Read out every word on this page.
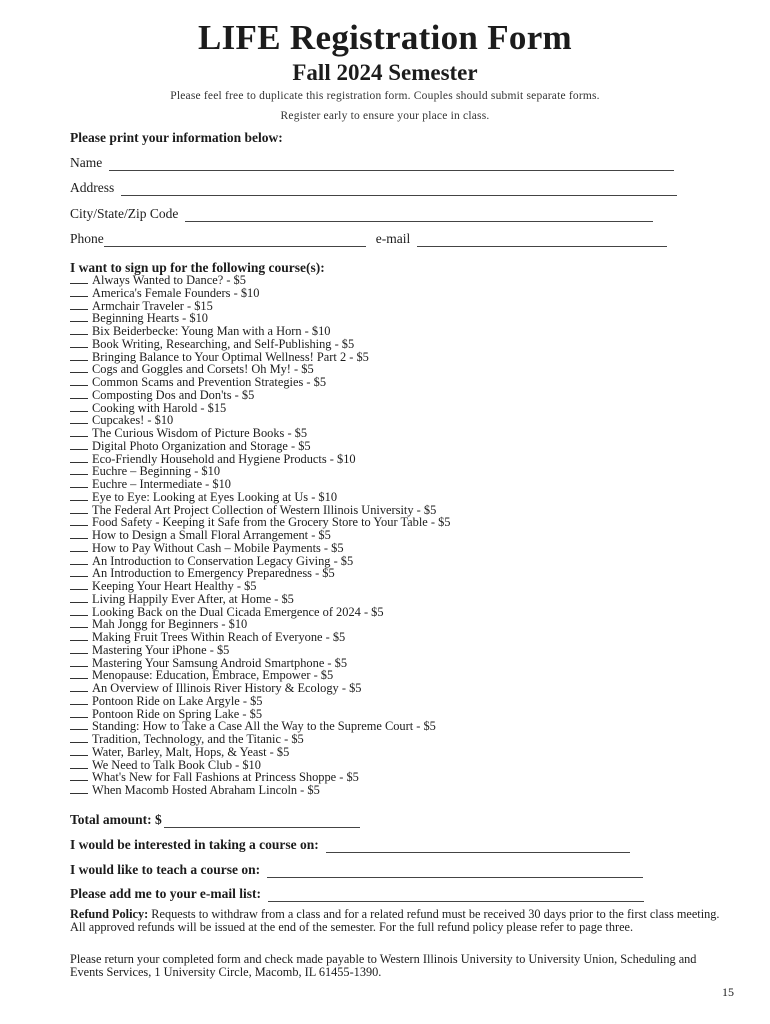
LIFE Registration Form
Fall 2024 Semester
Please feel free to duplicate this registration form. Couples should submit separate forms.
Register early to ensure your place in class.
Please print your information below:
Name
Address
City/State/Zip Code
Phone	e-mail
I want to sign up for the following course(s):
Always Wanted to Dance? - $5
America's Female Founders - $10
Armchair Traveler - $15
Beginning Hearts - $10
Bix Beiderbecke: Young Man with a Horn - $10
Book Writing, Researching, and Self-Publishing - $5
Bringing Balance to Your Optimal Wellness! Part 2 - $5
Cogs and Goggles and Corsets! Oh My! - $5
Common Scams and Prevention Strategies - $5
Composting Dos and Don'ts - $5
Cooking with Harold - $15
Cupcakes! - $10
The Curious Wisdom of Picture Books - $5
Digital Photo Organization and Storage - $5
Eco-Friendly Household and Hygiene Products - $10
Euchre – Beginning - $10
Euchre – Intermediate - $10
Eye to Eye: Looking at Eyes Looking at Us - $10
The Federal Art Project Collection of Western Illinois University - $5
Food Safety - Keeping it Safe from the Grocery Store to Your Table - $5
How to Design a Small Floral Arrangement - $5
How to Pay Without Cash – Mobile Payments - $5
An Introduction to Conservation Legacy Giving - $5
An Introduction to Emergency Preparedness - $5
Keeping Your Heart Healthy - $5
Living Happily Ever After, at Home - $5
Looking Back on the Dual Cicada Emergence of 2024 - $5
Mah Jongg for Beginners - $10
Making Fruit Trees Within Reach of Everyone - $5
Mastering Your iPhone - $5
Mastering Your Samsung Android Smartphone - $5
Menopause: Education, Embrace, Empower - $5
An Overview of Illinois River History & Ecology - $5
Pontoon Ride on Lake Argyle - $5
Pontoon Ride on Spring Lake - $5
Standing: How to Take a Case All the Way to the Supreme Court - $5
Tradition, Technology, and the Titanic - $5
Water, Barley, Malt, Hops, & Yeast - $5
We Need to Talk Book Club - $10
What's New for Fall Fashions at Princess Shoppe - $5
When Macomb Hosted Abraham Lincoln - $5
Total amount: $
I would be interested in taking a course on:
I would like to teach a course on:
Please add me to your e-mail list:
Refund Policy: Requests to withdraw from a class and for a related refund must be received 30 days prior to the first class meeting. All approved refunds will be issued at the end of the semester. For the full refund policy please refer to page three.
Please return your completed form and check made payable to Western Illinois University to University Union, Scheduling and Events Services, 1 University Circle, Macomb, IL 61455-1390.
15
